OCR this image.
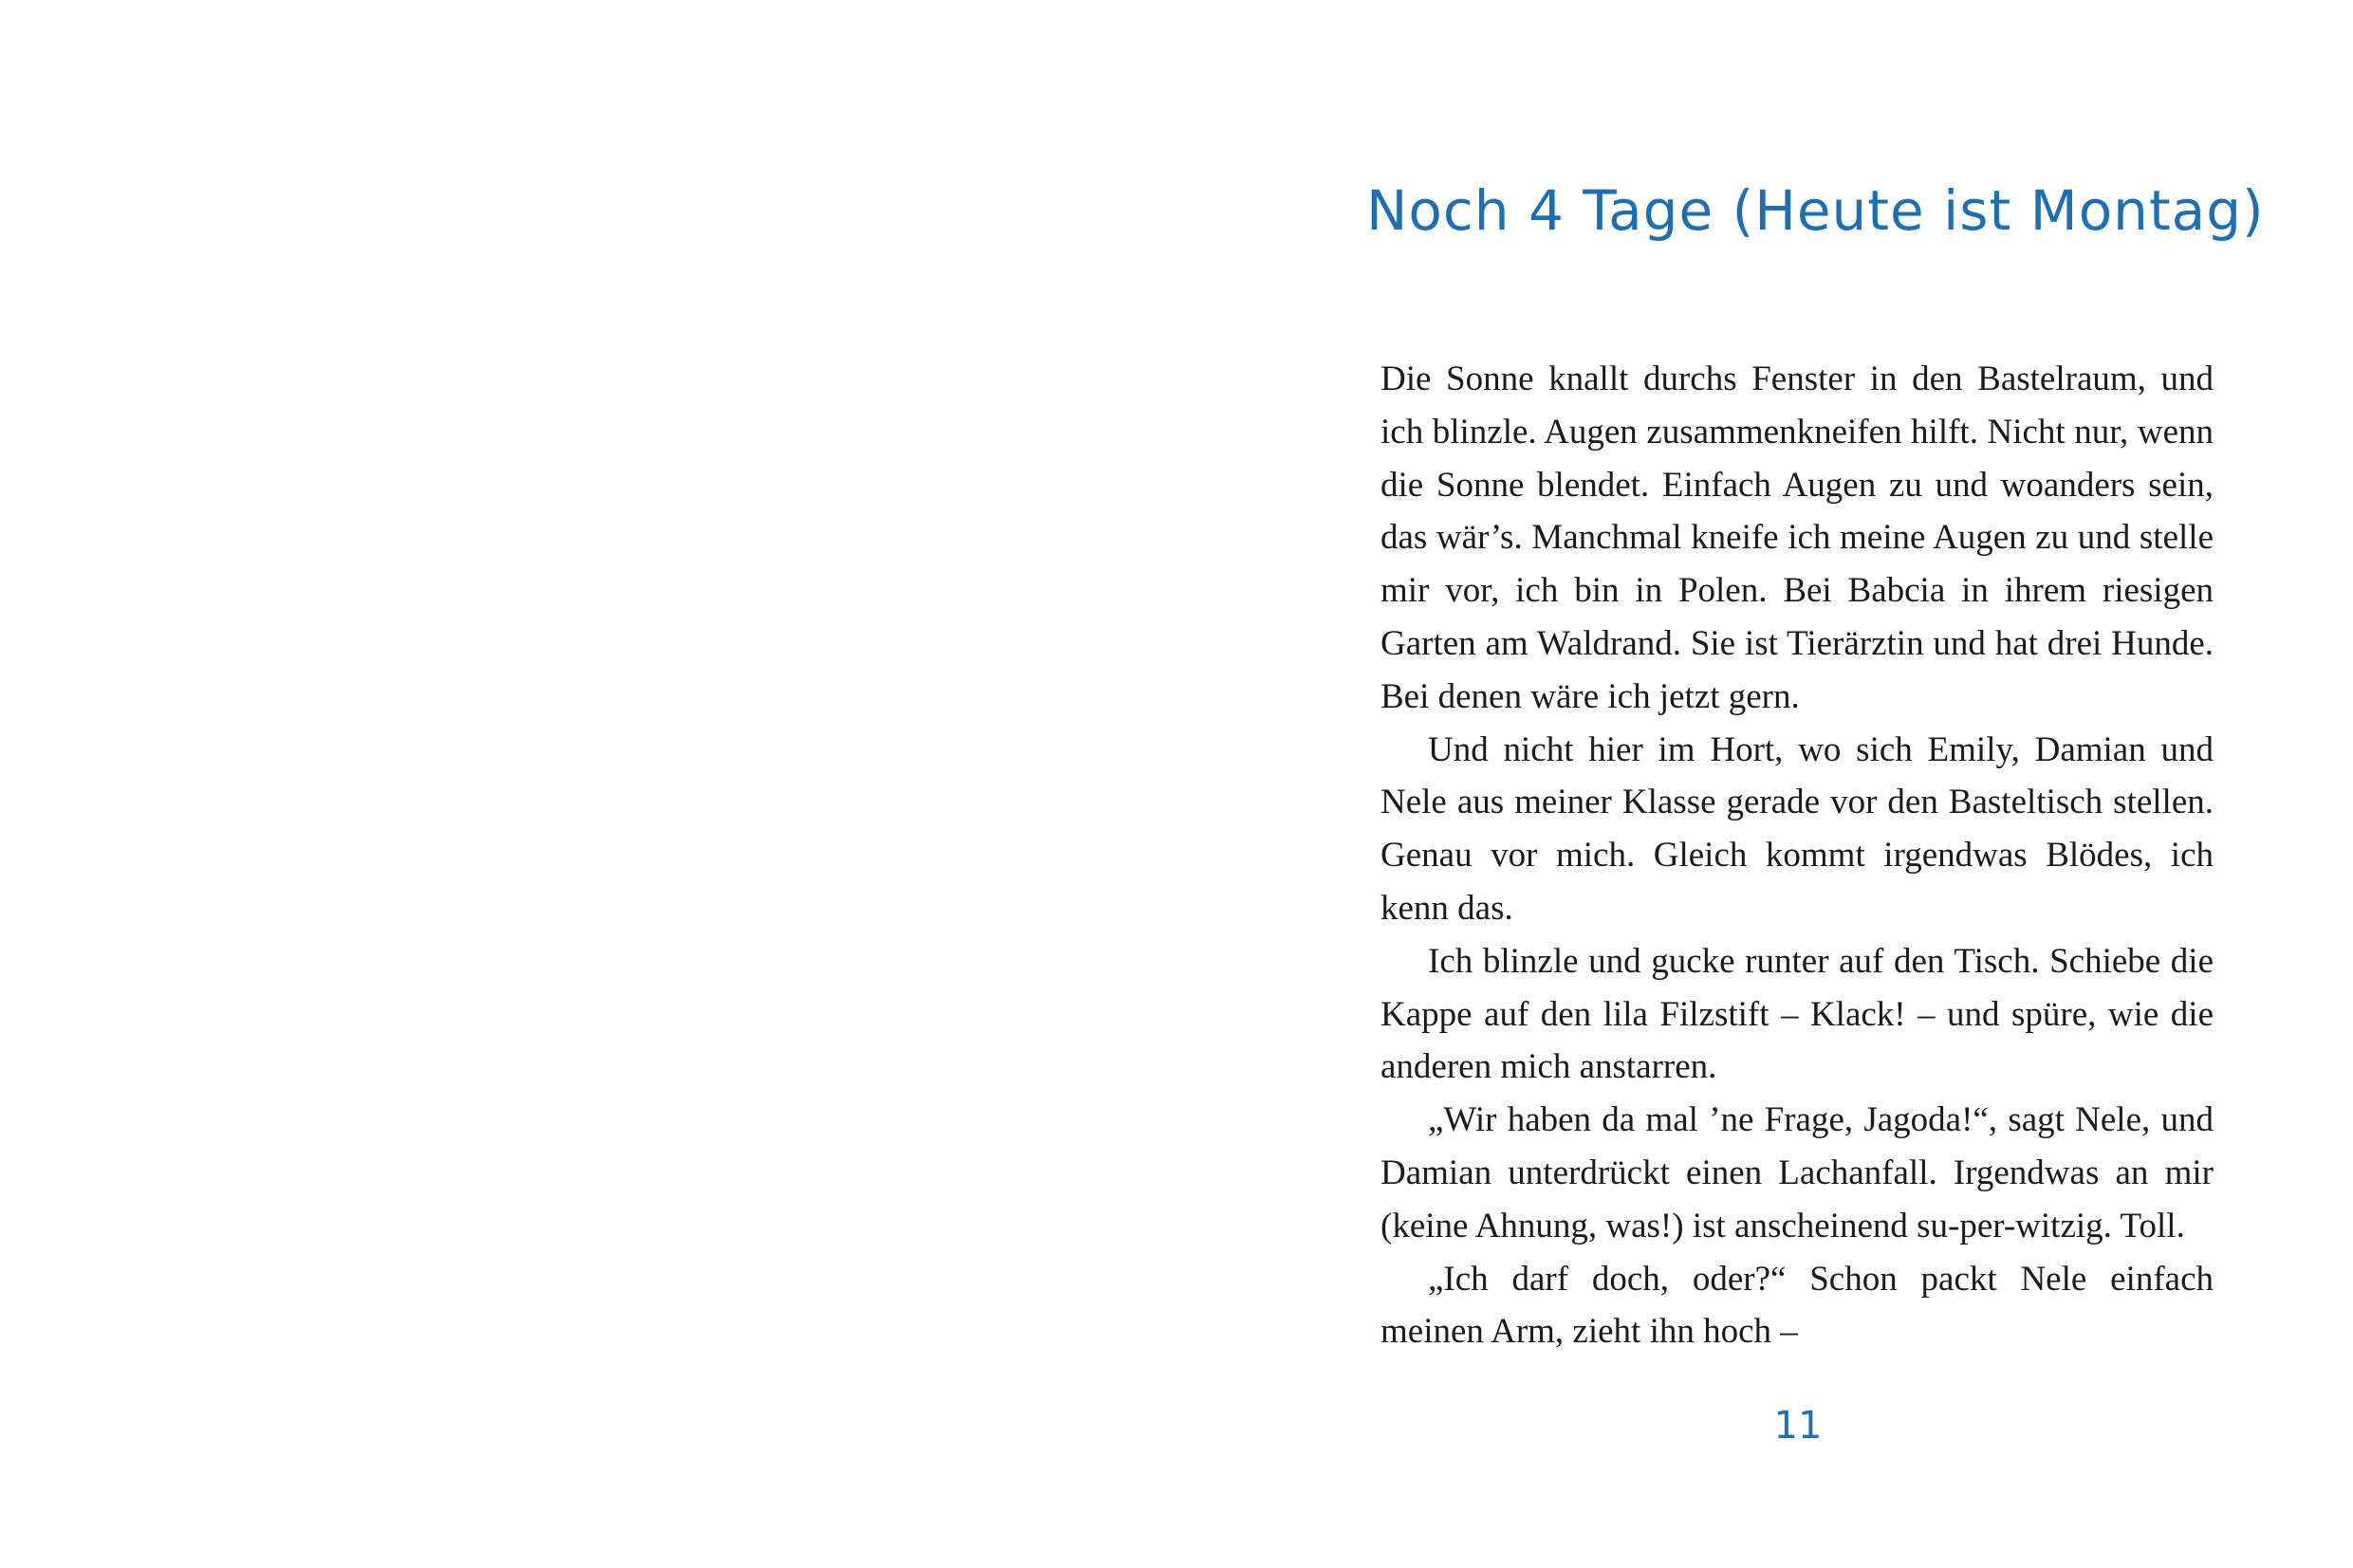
Noch 4 Tage (Heute ist Montag)

Die Sonne knallt durchs Fenster in den Bastelraum, und ich blinzle. Augen zusammenkneifen hilft. Nicht nur, wenn die Sonne blendet. Einfach Augen zu und woanders sein, das wär’s. Manchmal kneife ich meine Augen zu und stelle mir vor, ich bin in Polen. Bei Babcia in ihrem riesigen Garten am Waldrand. Sie ist Tierärztin und hat drei Hunde. Bei denen wäre ich jetzt gern.

Und nicht hier im Hort, wo sich Emily, Damian und Nele aus meiner Klasse gerade vor den Basteltisch stellen. Genau vor mich. Gleich kommt irgendwas Blödes, ich kenn das.

Ich blinzle und gucke runter auf den Tisch. Schiebe die Kappe auf den lila Filzstift – Klack! – und spüre, wie die anderen mich anstarren.

„Wir haben da mal ’ne Frage, Jagoda!“, sagt Nele, und Damian unterdrückt einen Lachanfall. Irgendwas an mir (keine Ahnung, was!) ist anscheinend su-per-witzig. Toll.

„Ich darf doch, oder?“ Schon packt Nele einfach meinen Arm, zieht ihn hoch –

11
